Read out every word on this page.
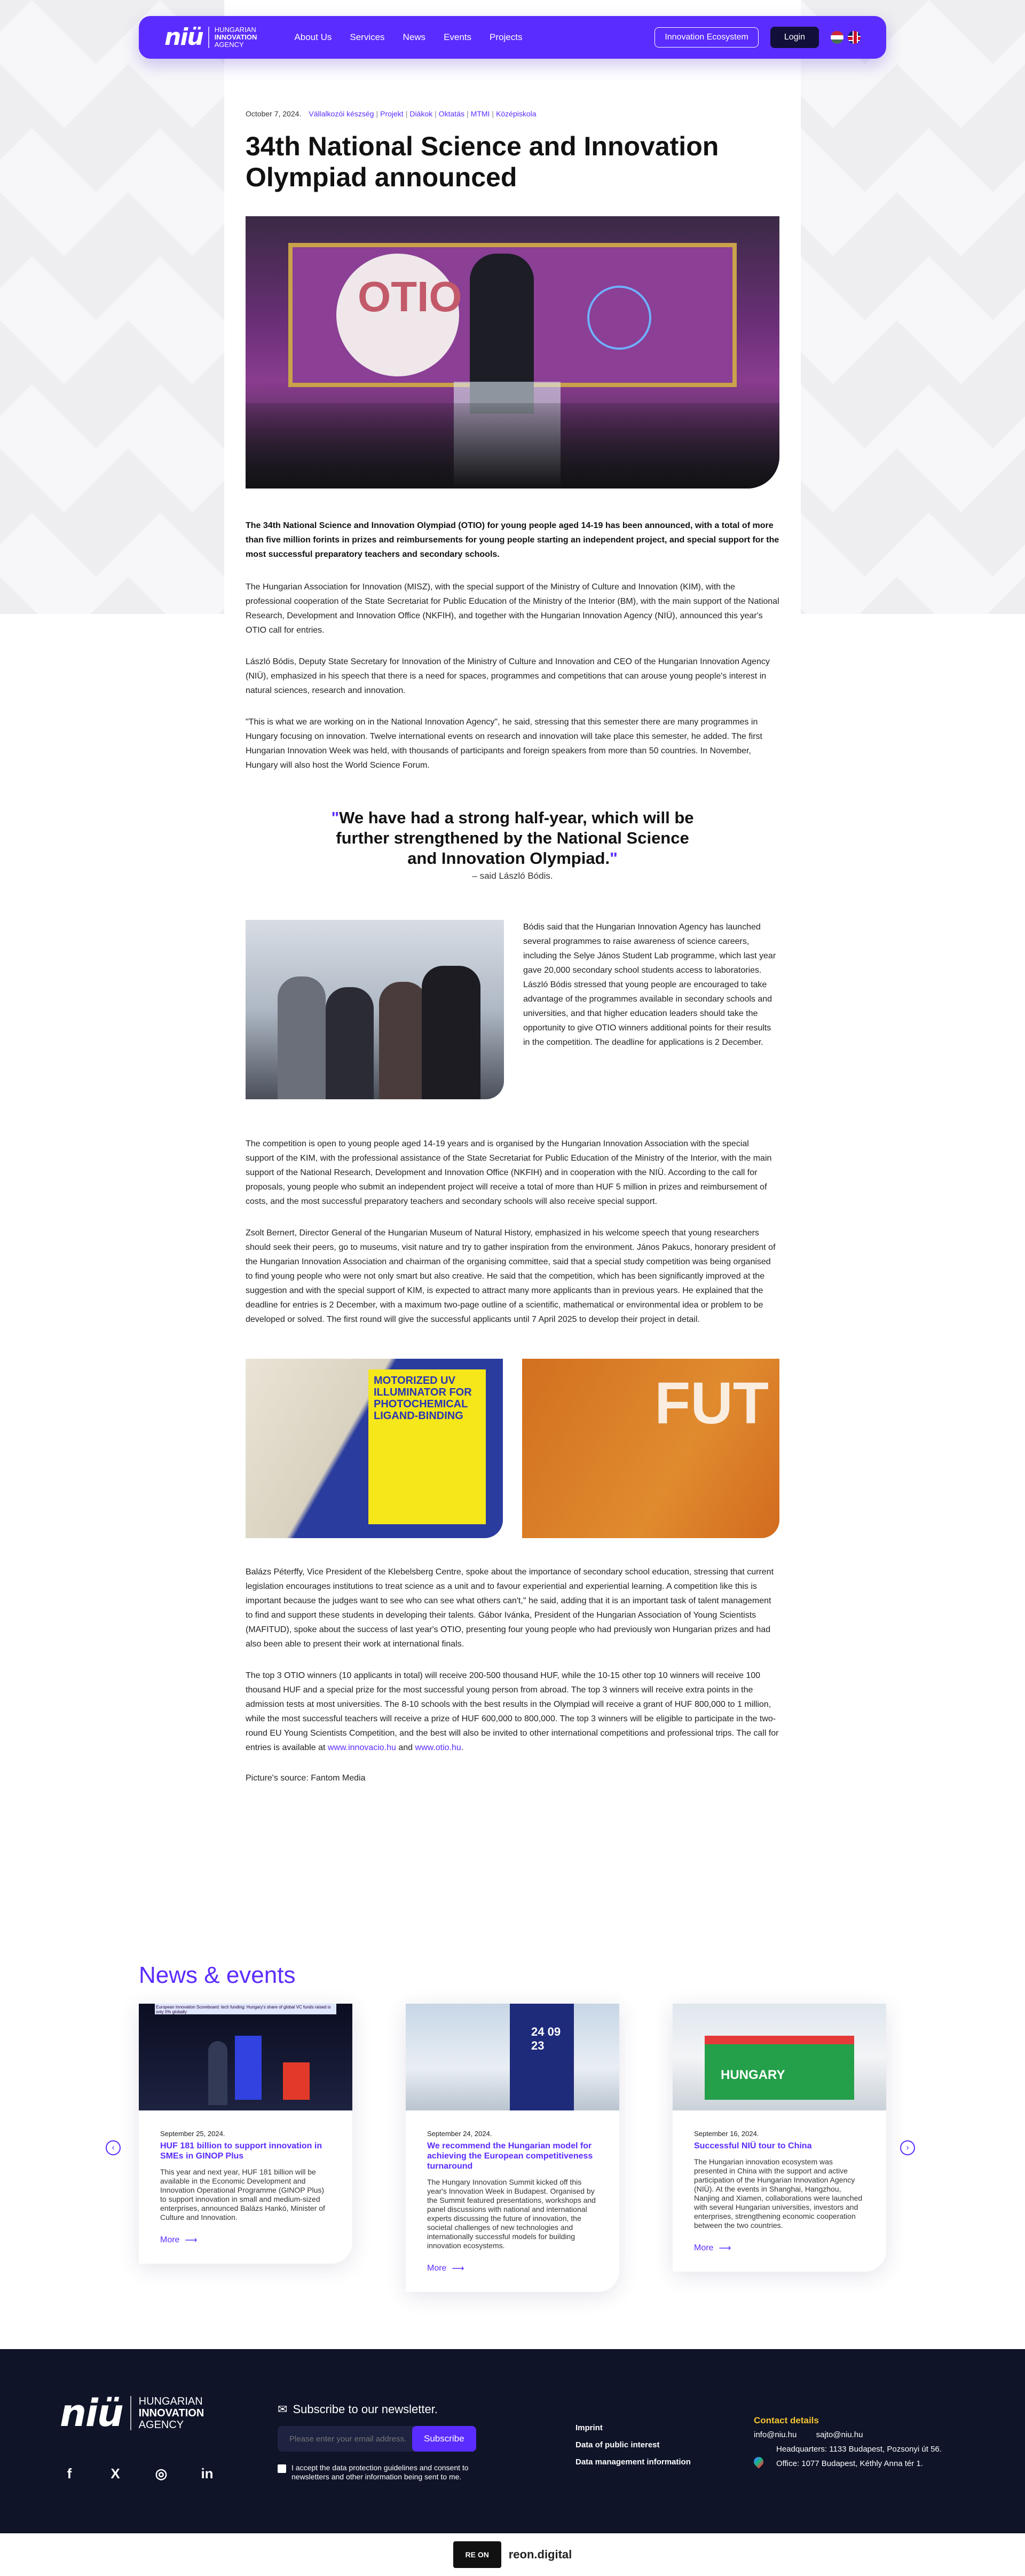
niü HUNGARIAN
INNOVATION
AGENCY
About Us Services News Events Projects	Innovation Ecosystem	Login
October 7, 2024. Vállalkozói készség | Projekt | Diákok | Oktatás | MTMI | Középiskola
34th National Science and Innovation Olympiad announced
OTIO

The 34th National Science and Innovation Olympiad (OTIO) for young people aged 14-19 has been announced, with a total of more than five million forints in prizes and reimbursements for young people starting an independent project, and special support for the most successful preparatory teachers and secondary schools.

The Hungarian Association for Innovation (MISZ), with the special support of the Ministry of Culture and Innovation (KIM), with the professional cooperation of the State Secretariat for Public Education of the Ministry of the Interior (BM), with the main support of the National Research, Development and Innovation Office (NKFIH), and together with the Hungarian Innovation Agency (NIÜ), announced this year's OTIO call for entries.

László Bódis, Deputy State Secretary for Innovation of the Ministry of Culture and Innovation and CEO of the Hungarian Innovation Agency (NIÜ), emphasized in his speech that there is a need for spaces, programmes and competitions that can arouse young people's interest in natural sciences, research and innovation.

"This is what we are working on in the National Innovation Agency", he said, stressing that this semester there are many programmes in Hungary focusing on innovation. Twelve international events on research and innovation will take place this semester, he added. The first Hungarian Innovation Week was held, with thousands of participants and foreign speakers from more than 50 countries. In November, Hungary will also host the World Science Forum.

"We have had a strong half-year, which will be further strengthened by the National Science and Innovation Olympiad."
– said László Bódis.

Bódis said that the Hungarian Innovation Agency has launched several programmes to raise awareness of science careers, including the Selye János Student Lab programme, which last year gave 20,000 secondary school students access to laboratories. László Bódis stressed that young people are encouraged to take advantage of the programmes available in secondary schools and universities, and that higher education leaders should take the opportunity to give OTIO winners additional points for their results in the competition. The deadline for applications is 2 December.

The competition is open to young people aged 14-19 years and is organised by the Hungarian Innovation Association with the special support of the KIM, with the professional assistance of the State Secretariat for Public Education of the Ministry of the Interior, with the main support of the National Research, Development and Innovation Office (NKFIH) and in cooperation with the NIÜ. According to the call for proposals, young people who submit an independent project will receive a total of more than HUF 5 million in prizes and reimbursement of costs, and the most successful preparatory teachers and secondary schools will also receive special support.

Zsolt Bernert, Director General of the Hungarian Museum of Natural History, emphasized in his welcome speech that young researchers should seek their peers, go to museums, visit nature and try to gather inspiration from the environment. János Pakucs, honorary president of the Hungarian Innovation Association and chairman of the organising committee, said that a special study competition was being organised to find young people who were not only smart but also creative. He said that the competition, which has been significantly improved at the suggestion and with the special support of KIM, is expected to attract many more applicants than in previous years. He explained that the deadline for entries is 2 December, with a maximum two-page outline of a scientific, mathematical or environmental idea or problem to be developed or solved. The first round will give the successful applicants until 7 April 2025 to develop their project in detail.

MOTORIZED UV ILLUMINATOR FOR PHOTOCHEMICAL LIGAND-BINDING	FUT

Balázs Péterffy, Vice President of the Klebelsberg Centre, spoke about the importance of secondary school education, stressing that current legislation encourages institutions to treat science as a unit and to favour experiential and experiential learning. A competition like this is important because the judges want to see who can see what others can't," he said, adding that it is an important task of talent management to find and support these students in developing their talents. Gábor Ivánka, President of the Hungarian Association of Young Scientists (MAFITUD), spoke about the success of last year's OTIO, presenting four young people who had previously won Hungarian prizes and had also been able to present their work at international finals.

The top 3 OTIO winners (10 applicants in total) will receive 200-500 thousand HUF, while the 10-15 other top 10 winners will receive 100 thousand HUF and a special prize for the most successful young person from abroad. The top 3 winners will receive extra points in the admission tests at most universities. The 8-10 schools with the best results in the Olympiad will receive a grant of HUF 800,000 to 1 million, while the most successful teachers will receive a prize of HUF 600,000 to 800,000. The top 3 winners will be eligible to participate in the two-round EU Young Scientists Competition, and the best will also be invited to other international competitions and professional trips. The call for entries is available at www.innovacio.hu and www.otio.hu.

Picture's source: Fantom Media

News & events
‹
European Innovation Scoreboard: tech funding: Hungary's share of global VC funds raised is only 0% globally
September 25, 2024.
HUF 181 billion to support innovation in SMEs in GINOP Plus
This year and next year, HUF 181 billion will be available in the Economic Development and Innovation Operational Programme (GINOP Plus) to support innovation in small and medium-sized enterprises, announced Balázs Hankó, Minister of Culture and Innovation.
More ⟶
24 09 23
September 24, 2024.
We recommend the Hungarian model for achieving the European competitiveness turnaround
The Hungary Innovation Summit kicked off this year's Innovation Week in Budapest. Organised by the Summit featured presentations, workshops and panel discussions with national and international experts discussing the future of innovation, the societal challenges of new technologies and internationally successful models for building innovation ecosystems.
More ⟶
HUNGARY
September 16, 2024.
Successful NIÜ tour to China
The Hungarian innovation ecosystem was presented in China with the support and active participation of the Hungarian Innovation Agency (NIÜ). At the events in Shanghai, Hangzhou, Nanjing and Xiamen, collaborations were launched with several Hungarian universities, investors and enterprises, strengthening economic cooperation between the two countries.
More ⟶
›
niü HUNGARIAN

INNOVATION
AGENCY
f	X	◎ in
✉ Subscribe to our newsletter.
Please enter your email address.
Subscribe
I accept the data protection guidelines and consent to newsletters and other information being sent to me.
Imprint
Data of public interest
Data management information
Contact details
info@niu.hu sajto@niu.hu
Headquarters: 1133 Budapest, Pozsonyi út 56.
Office: 1077 Budapest, Kéthly Anna tér 1.
RE ON	reon.digital
